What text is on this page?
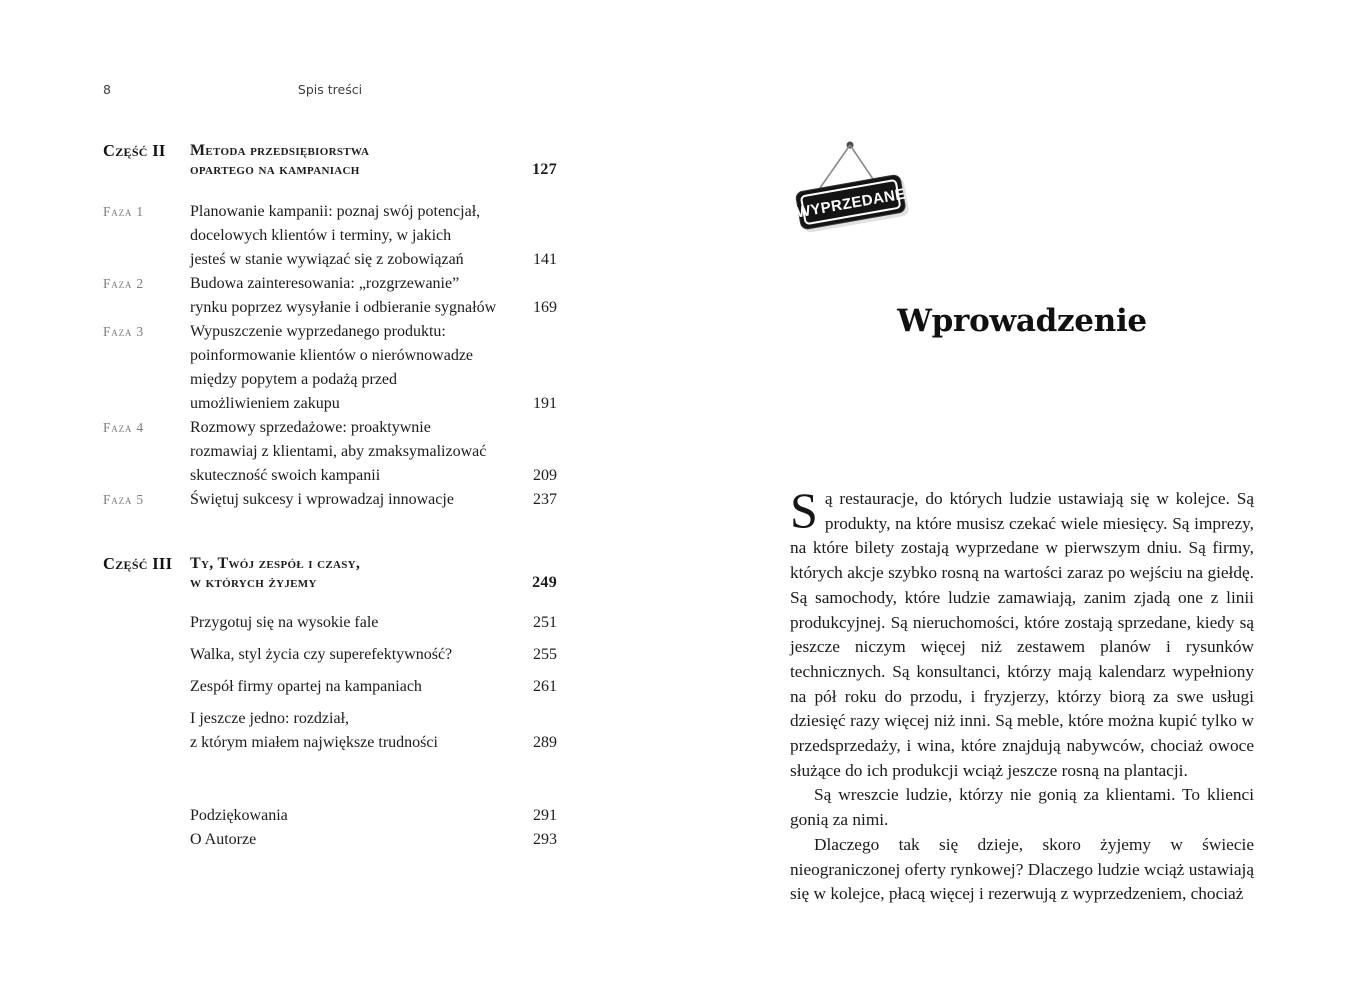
8	Spis treści
Część II Metoda przedsiębiorstwa
opartego na kampaniach	127
Faza 1	Planowanie kampanii: poznaj swój potencjał,
docelowych klientów i terminy, w jakich
jesteś w stanie wywiązać się z zobowiązań	141
Faza 2	Budowa zainteresowania: „rozgrzewanie”
rynku poprzez wysyłanie i odbieranie sygnałów 169
Faza 3	Wypuszczenie wyprzedanego produktu:
poinformowanie klientów o nierównowadze
między popytem a podażą przed
umożliwieniem zakupu	191
Faza 4	Rozmowy sprzedażowe: proaktywnie
rozmawiaj z klientami, aby zmaksymalizować
skuteczność swoich kampanii	209
Faza 5	Świętuj sukcesy i wprowadzaj innowacje	237
Część III Ty, Twój zespół i czasy,
w których żyjemy	249
Przygotuj się na wysokie fale	251
Walka, styl życia czy superefektywność?	255
Zespół firmy opartej na kampaniach	261
I jeszcze jedno: rozdział,
z którym miałem największe trudności	289
Podziękowania	291
O Autorze	293
WYPRZEDANE
Wprowadzenie

Są restauracje, do których ludzie ustawiają się w kolejce. Są produkty, na które musisz czekać wiele miesięcy. Są imprezy, na które bilety zostają wyprzedane w pierwszym dniu. Są firmy, których akcje szybko rosną na wartości zaraz po wejściu na giełdę. Są samochody, które ludzie zamawiają, zanim zjadą one z linii produkcyjnej. Są nieruchomości, które zostają sprzedane, kiedy są jeszcze niczym więcej niż zestawem planów i rysunków technicznych. Są konsultanci, którzy mają kalendarz wypełniony na pół roku do przodu, i fryzjerzy, którzy biorą za swe usługi dziesięć razy więcej niż inni. Są meble, które można kupić tylko w przedsprzedaży, i wina, które znajdują nabywców, chociaż owoce służące do ich produkcji wciąż jeszcze rosną na plantacji.

Są wreszcie ludzie, którzy nie gonią za klientami. To klienci gonią za nimi.

Dlaczego tak się dzieje, skoro żyjemy w świecie nieograniczonej oferty rynkowej? Dlaczego ludzie wciąż ustawiają się w kolejce, płacą więcej i rezerwują z wyprzedzeniem, chociaż
